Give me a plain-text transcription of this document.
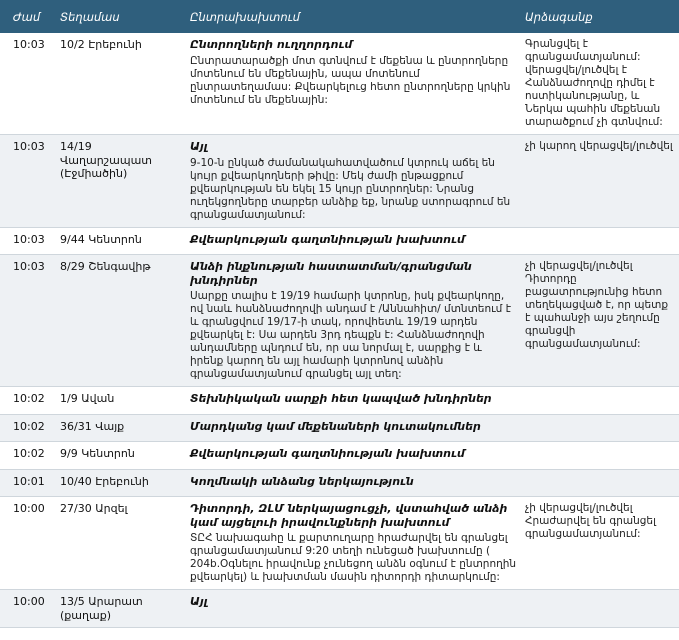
Ժամ	Տեղամաս	Ընտրախախտում	Արձագանք
10:03	10/2 Էրեբունի	Ընտրողների ուղղորդում
Ընտրատարածքի մոտ գտնվում է մեքենա և ընտրողները մոտենում են մեքենային, ապա մոտենում ընտրատեղամաս: Քվեարկելուց հետո ընտրողները կրկին մոտենում են մեքենային:	Գրանցվել է գրանցամատյանում: վերացվել/լուծվել է Հանձնաժողովը դիմել է ոստիկանությանը, և Ներկա պահին մեքենան տարածքում չի գտնվում:
10:03	14/19 Վաղարշապատ (Էջմիածին)	Այլ
9-10-ն ընկած ժամանակահատվածում կտրուկ աճել են կույր քվեարկողների թիվը: Մեկ ժամի ընթացքում քվեարկության են եկել 15 կույր ընտրողներ: Նրանց ուղեկցողները տարբեր անձիք եք, նրանք ստորագրում են գրանցամատյանում:	չի կարող վերացվել/լուծվել
10:03	9/44 Կենտրոն	Քվեարկության գաղտնիության խախտում	

10:03	8/29 Շենգավիթ	Անձի ինքնության հաստատման/գրանցման խնդիրներ
Սարքը տալիս է 19/19 համարի կտրոնը, իսկ քվեարկողը, ով նաև հանձնաժողովի անդամ է /Աննահիտ/ մտնտեում է և գրանցվում 19/17-ի տակ, որովհետև 19/19 արդեն քվեարկել է: Սա արդեն 3րդ դեպքն է: Հանձնաժողովի անդամները պնդում են, որ սա նորմալ է, սարքից է և իրենք կարող են այլ համարի կտրոնով անձին գրանցամատյանում գրանցել այլ տեղ:	չի վերացվել/լուծվել Դիտորդը բացատրությունից հետո տեղեկացված է, որ պետք է պահանջի այս շեղումը գրանցվի գրանցամատյանում:
10:02	1/9 Ավան	Տեխնիկական սարքի հետ կապված խնդիրներ	

10:02	36/31 Վայք	Մարդկանց կամ մեքենաների կուտակումներ	

10:02	9/9 Կենտրոն	Քվեարկության գաղտնիության խախտում	

10:01	10/40 Էրեբունի	Կողմնակի անձանց ներկայություն	

10:00	27/30 Արզել	Դիտորդի, ԶԼՄ ներկայացուցչի, վստահված անձի կամ այցելուի իրավունքների խախտում
ՏԸՀ նախագահը և քարտուղարը հրաժարվել են գրանցել գրանցամատյանում 9:20 տեղի ունեցած խախտումը ( 204b.Օգնելու իրավունք չունեցող անձն օգնում է ընտրողին քվեարկել) և խախտման մասին դիտորդի դիտարկումը:	չի վերացվել/լուծվել Հրաժարվել են գրանցել գրանցամատյանում:
10:00	13/5 Արարատ (քաղաք)	Այլ	
